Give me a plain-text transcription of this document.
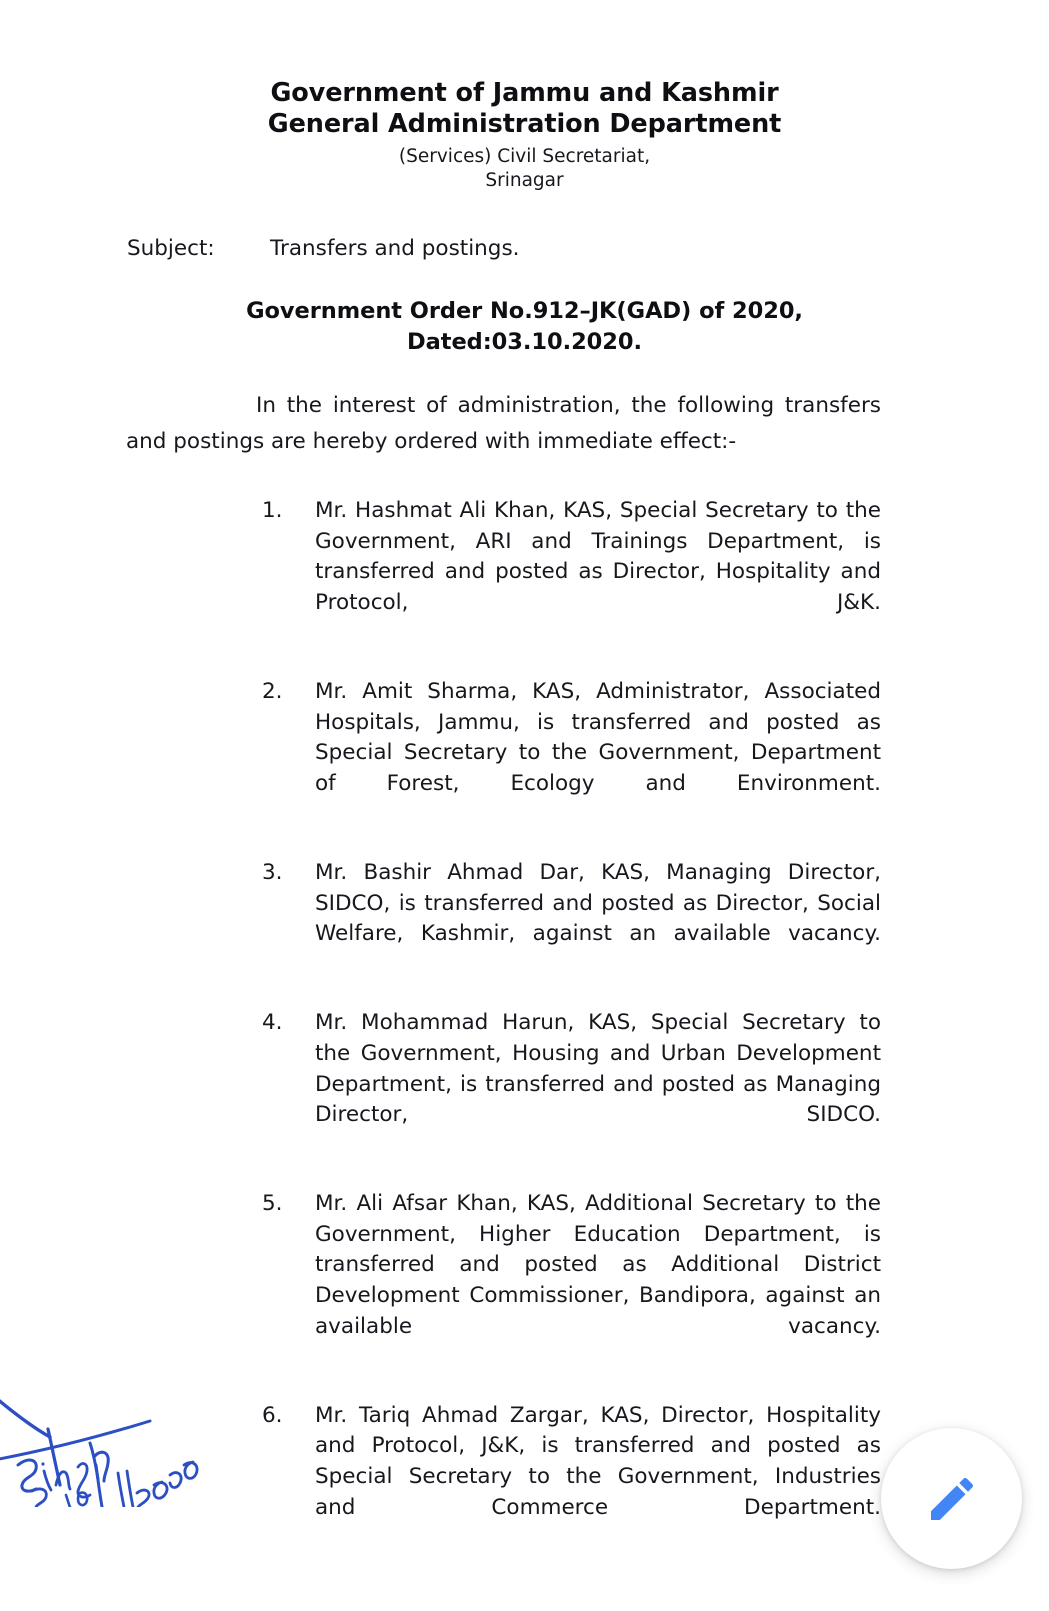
Government of Jammu and Kashmir
General Administration Department
(Services) Civil Secretariat,
Srinagar
Subject:	Transfers and postings.
Government Order No.912–JK(GAD) of 2020,
Dated:03.10.2020.

In the interest of administration, the following transfers and postings are hereby ordered with immediate effect:-

1.	Mr. Hashmat Ali Khan, KAS, Special Secretary to the Government, ARI and Trainings Department, is transferred and posted as Director, Hospitality and Protocol, J&K.
2.	Mr. Amit Sharma, KAS, Administrator, Associated Hospitals, Jammu, is transferred and posted as Special Secretary to the Government, Department of Forest, Ecology and Environment.
3.	Mr. Bashir Ahmad Dar, KAS, Managing Director, SIDCO, is transferred and posted as Director, Social Welfare, Kashmir, against an available vacancy.
4.	Mr. Mohammad Harun, KAS, Special Secretary to the Government, Housing and Urban Development Department, is transferred and posted as Managing Director, SIDCO.
5.	Mr. Ali Afsar Khan, KAS, Additional Secretary to the Government, Higher Education Department, is transferred and posted as Additional District Development Commissioner, Bandipora, against an available vacancy.
6.	Mr. Tariq Ahmad Zargar, KAS, Director, Hospitality and Protocol, J&K, is transferred and posted as Special Secretary to the Government, Industries and Commerce Department.
